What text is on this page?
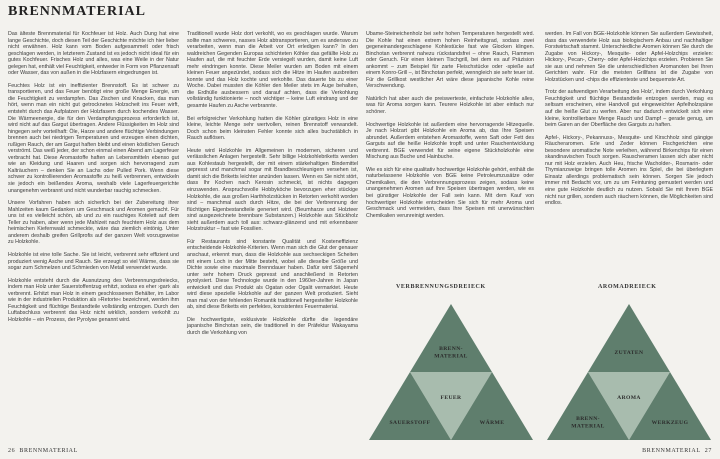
BRENNMATERIAL

Das älteste Brennmaterial für Kochfeuer ist Holz. Auch Dung hat eine lange Geschichte, doch diesen Teil der Geschichte möchte ich hier lieber nicht erwähnen. Holz kann vom Boden aufgesammelt oder frisch geschlagen werden, in letzterem Zustand ist es jedoch nicht ideal für ein gutes Kochfeuer. Frisches Holz und alles, was eine Weile in der Natur gelegen hat, enthält viel Feuchtigkeit, entweder in Form von Pflanzensaft oder Wasser, das von außen in die Holzfasern eingedrungen ist.

Feuchtes Holz ist ein ineffizienter Brennstoff. Es ist schwer zu transportieren, und das Feuer benötigt eine große Menge Energie, um die Feuchtigkeit zu verdampfen. Das Zischen und Knacken, das man hört, wenn man ein nicht gut getrocknetes Holzscheit ins Feuer wirft, entsteht durch das Aufplatzen der Holzfasern durch kochendes Wasser. Die Wärmeenergie, die für den Verdampfungsprozess erforderlich ist, wird nicht auf das Gargut übertragen. Andere Flüssigkeiten im Holz sind hingegen sehr vorteilhaft: Öle, Harze und andere flüchtige Verbindungen brennen auch bei niedrigen Temperaturen und erzeugen einen dichten, rußigen Rauch, der am Gargut haften bleibt und einen köstlichen Geruch verströmt. Das weiß jeder, der schon einmal einen Abend am Lagerfeuer verbracht hat. Diese Aromastoffe haften an Lebensmitteln ebenso gut wie an Kleidung und Haaren und sorgen sich hervorragend zum Kalträuchern – denken Sie an Lachs oder Pulled Pork. Wenn diese schwer zu kontrollierenden Aromastoffe zu heiß verbrennen, entwickeln sie jedoch ein beißendes Aroma, weshalb viele Lagerfeuergerichte unangenehm verbrannt und nicht wunderbar rauchig schmecken.

Unsere Vorfahren haben sich sicherlich bei der Zubereitung ihrer Mahlzeiten kaum Gedanken um Geschmack und Aromen gemacht. Für uns ist es vielleicht schön, ab und zu ein rauchiges Kotelett auf dem Teller zu haben, aber wenn jede Mahlzeit nach feuchtem Holz aus dem heimischen Kiefernwald schmeckte, wäre das ziemlich eintönig. Unter anderem deshalb greifen Grillprofis auf der ganzen Welt vorzugsweise zu Holzkohle.

Holzkohle ist eine tolle Sache. Sie ist leicht, verbrennt sehr effizient und produziert wenig Asche und Rauch. Sie erzeugt so viel Wärme, dass sie sogar zum Schmelzen und Schmieden von Metall verwendet wurde.

Holzkohle entsteht durch die Ausnutzung des Verbrennungsdreiecks, indem man Holz unter Sauerstoffentzug erhitzt, sodass es eher ›gart‹ als verbrennt. Erhitzt man Holz in einem geschlossenen Behälter, im Labor wie in der industriellen Produktion als »Retorte« bezeichnet, werden ihm Feuchtigkeit und flüchtige Bestandteile vollständig entzogen. Durch den Luftabschluss verbrennt das Holz nicht wirklich, sondern verkohlt zu Holzkohle – ein Prozess, der Pyrolyse genannt wird.

Traditionell wurde Holz dort verkohlt, wo es geschlagen wurde. Warum sollte man schweres, nasses Holz abtransportieren, um es anderswo zu verarbeiten, wenn man die Arbeit vor Ort erledigen kann? In den waldreichen Gegenden Europas schichteten Köhler das gefällte Holz zu Haufen auf, die mit feuchter Erde versiegelt wurden, damit keine Luft mehr eindringen konnte. Diese Meiler wurden am Boden mit einem kleinen Feuer angezündet, sodass sich die Hitze im Haufen ausbreiten konnte und das Holz kochte und verkohlte. Das dauerte bis zu einer Woche. Dabei mussten die Köhler den Meiler stets im Auge behalten, die Erdhülle ausbessern und darauf achten, dass die Verkohlung vollständig funktionierte – noch wichtiger – keine Luft eindrang und der gesamte Haufen zu Asche verbrannte.

Bei erfolgreicher Verkohlung hatten die Köhler günstiges Holz in eine kleine, leichte Menge sehr wertvollen, reinen Brennstoff verwandelt. Doch schon beim kleinsten Fehler konnte sich alles buchstäblich in Rauch auflösen.

Heute wird Holzkohle im Allgemeinen in modernen, sicheren und verlässlichen Anlagen hergestellt. Sehr billige Holzkohlebriketts werden aus Kohlestaub hergestellt, der mit einem stärkehaltigen Bindemittel gepresst und manchmal sogar mit Brandbeschleunigern versehen ist, damit sich die Briketts leichter anzünden lassen. Wenn es Sie nicht stört, dass Ihr Kochen nach Kerosin schmeckt, ist nichts dagegen einzuwenden. Anspruchsvolle Hobbyköche bevorzugen eher stückige Holzkohle, die aus großen Harthholzstücken in Retorten verkohlt worden sind – manchmal auch durch Hitze, die bei der Verbrennung der flüchtigen Eigenbestandteile generiert wird. (Beumharze und Holzteer sind ausgezeichnete brennbare Substanzen.) Holzkohle aus Stückholz sieht außerdem auch toll aus: schwarz-glänzend und mit erkennbarer Holzstruktur – fast wie Fossilien.

Für Restaurants sind konstante Qualität und Kosteneffizienz entscheidende Holzkohle-Kriterien. Wenn man sich die Glut der genauer anschaut, erkennt man, dass die Holzkohle aus sechseckigen Scheiten mit einem Loch in der Mitte besteht, wobei alle dieselbe Größe und Dichte sowie eine maximale Brenndauer haben. Dafür wird Sägemehl unter sehr hohem Druck gepresst und anschließend in Retorten pyrolysiert. Diese Technologie wurde in den 1960er-Jahren in Japan entwickelt und das Produkt als Ogatan oder Ogalit vermarktet. Heute wird diese spezielle Holzkohle auf der ganzen Welt produziert. Sieht man mal von der fehlenden Romantik traditionell hergestellter Holzkohle ab, sind diese Briketts ein perfektes, konsistentes Feuermaterial.

Die hochwertigste, exklusivste Holzkohle dürfte die legendäre japanische Binchotan sein, die traditionell in der Präfektur Wakayama durch die Verkohlung von

Ubame-Steineichenholz bei sehr hohen Temperaturen hergestellt wird. Die Kohle hat einen extrem hohen Reinheitsgrad, sodass zwei gegeneinandergeschlagene Kohlestücke fast wie Glocken klingen. Binchotan verbrennt nahezu rückstandsfrei – ohne Rauch, Flammen oder Geruch. Für einen kleinen Tischgrill, bei dem es auf Präzision ankommt – zum Beispiel für zarte Fleischstücke oder -spieße auf einem Konro-Grill –, ist Binchotan perfekt, wenngleich sie sehr teuer ist. Für die Grillkost westlicher Art wäre diese japanische Kohle reine Verschwendung.

Natürlich hat aber auch die preiswerteste, einfachste Holzkohle alles, was für Aroma sorgen kann. Teurere Holzkohle ist aber einfach nur schöner.

Hochwertige Holzkohle ist außerdem eine hervorragende Hitzequelle. Je nach Holzart gibt Holzkohle ein Aroma ab, das Ihre Speisen abrundet. Außerdem entstehen Aromastoffe, wenn Saft oder Fett des Garguts auf die heiße Holzkohle tropft und unter Rauchentwicklung verbrennt. BGE verwendet für seine eigene Stückholzkohle eine Mischung aus Buche und Hainbuche.

Wie es sich für eine qualitativ hochwertige Holzkohle gehört, enthält die naturbelassene Holzkohle von BGE keine Petroleumzusätze oder Chemikalien, die den Verbrennungsprozess zeigen, sodass keine unangenehmen Aromen auf Ihre Speisen übertragen werden, wie es bei günstiger Holzkohle der Fall sein kann. Mit dem Kauf von hochwertiger Holzkohle entscheiden Sie sich für mehr Aroma und Geschmack und vermeiden, dass Ihre Speisen mit unerwünschten Chemikalien verunreinigt werden.

werden. Im Fall von BGE-Holzkohle können Sie außerdem Gewissheit, dass das verwendete Holz aus biologischem Anbau und nachhaltiger Forstwirtschaft stammt. Unterschiedliche Aromen können Sie durch die Zugabe von Hickory-, Mesquite- oder Apfel-Holzchips erzielen: Hickory-, Pecan-, Cherry- oder Apfel-Holzchips erzielen. Probieren Sie sie aus und nehmen Sie die unterschiedlichen Aromanoten bei Ihren Gerichten wahr. Für die meisten Grillfans ist die Zugabe von Holzstücken und -chips die effizienteste und bequemste Art.

Trotz der aufwendigen Verarbeitung des Holz', indem durch Verkohlung Feuchtigkeit und flüchtige Bestandteile entzogen werden, mag es seltsam erscheinen, eine Handvoll gut eingeweichter Apfelholzspäne auf die heiße Glut zu werfen. Aber nur dadurch entwickelt sich eine kleine, kontrollierbare Menge Rauch und Dampf – gerade genug, um beim Garen an der Oberfläche des Garguts zu haften.

Apfel-, Hickory-, Pekannuss-, Mesquite- und Kirschholz sind gängige Räucheraromen. Erle und Zeder können Fischgerichten eine besondere aromatische Note verleihen, während Birkenchips für einen skandinavischen Touch sorgen. Rauscheramen lassen sich aber nicht nur mit Holz erzielen. Auch Heu, frische Wacholder-, Rosmarin- oder Thymianzweige bringen tolle Aromen ins Spiel, die bei überlegtem Einsatz allerdings problematisch sein können. Sorgen Sie jedoch immer mit Bedacht vor, um zu um Feintuning gemustert werden und eine gute Holzkohle deutlich zu nutzen. Sobald Sie mit Ihrem BGE nicht nur grillen, sondern auch räuchern können, die Möglichkeiten sind endlos.

VERBRENNUNGSDREIECK
BRENN-MATERIAL
FEUER
SAUERSTOFF	WÄRME
AROMADREIECK
ZUTATEN
AROMA
BRENN-MATERIAL
WERKZEUG
26 BRENNMATERIAL	BRENNMATERIAL 27
